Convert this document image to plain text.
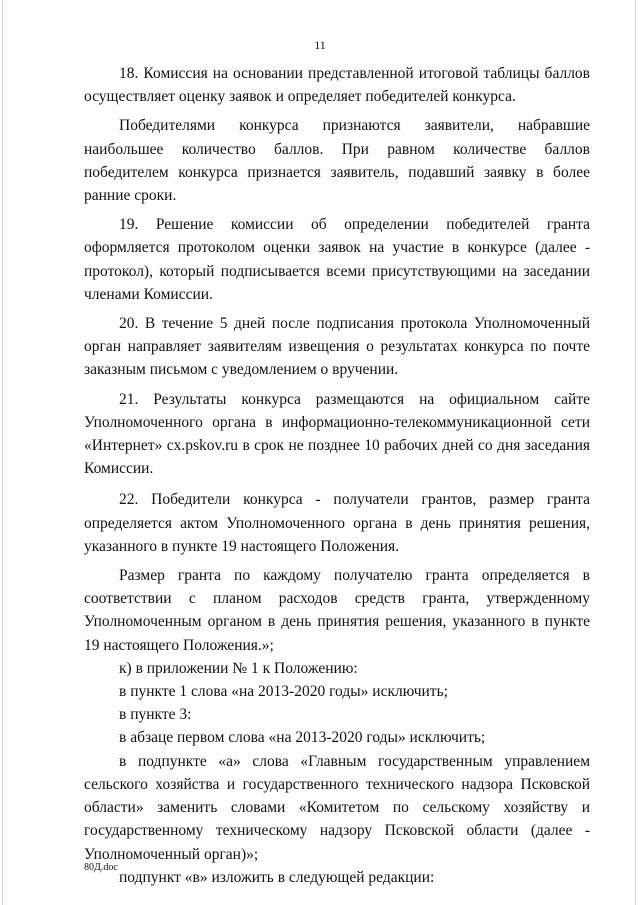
11

18. Комиссия на основании представленной итоговой таблицы баллов осуществляет оценку заявок и определяет победителей конкурса.

Победителями конкурса признаются заявители, набравшие наибольшее количество баллов. При равном количестве баллов победителем конкурса признается заявитель, подавший заявку в более ранние сроки.

19. Решение комиссии об определении победителей гранта оформляется протоколом оценки заявок на участие в конкурсе (далее - протокол), который подписывается всеми присутствующими на заседании членами Комиссии.

20. В течение 5 дней после подписания протокола Уполномоченный орган направляет заявителям извещения о результатах конкурса по почте заказным письмом с уведомлением о вручении.

21. Результаты конкурса размещаются на официальном сайте Уполномоченного органа в информационно-телекоммуникационной сети «Интернет» cx.pskov.ru в срок не позднее 10 рабочих дней со дня заседания Комиссии.

22. Победители конкурса - получатели грантов, размер гранта определяется актом Уполномоченного органа в день принятия решения, указанного в пункте 19 настоящего Положения.

Размер гранта по каждому получателю гранта определяется в соответствии с планом расходов средств гранта, утвержденному Уполномоченным органом в день принятия решения, указанного в пункте 19 настоящего Положения.»;

к) в приложении № 1 к Положению:

в пункте 1 слова «на 2013-2020 годы» исключить;

в пункте 3:

в абзаце первом слова «на 2013-2020 годы» исключить;

в подпункте «а» слова «Главным государственным управлением сельского хозяйства и государственного технического надзора Псковской области» заменить словами «Комитетом по сельскому хозяйству и государственному техническому надзору Псковской области (далее - Уполномоченный орган)»;

подпункт «в» изложить в следующей редакции:

80Д.doc
